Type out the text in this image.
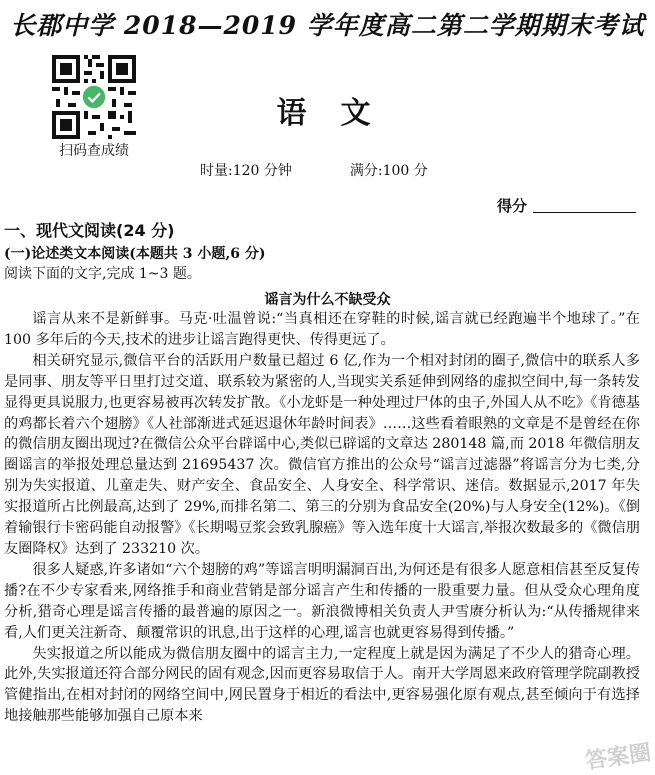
长郡中学 2018—2019 学年度高二第二学期期末考试
扫码查成绩
语文
时量:120 分钟	满分:100 分
得分
一、现代文阅读(24 分)
(一)论述类文本阅读(本题共 3 小题,6 分)
阅读下面的文字,完成 1~3 题。
谣言为什么不缺受众

谣言从来不是新鲜事。马克·吐温曾说:“当真相还在穿鞋的时候,谣言就已经跑遍半个地球了。”在 100 多年后的今天,技术的进步让谣言跑得更快、传得更远了。

相关研究显示,微信平台的活跃用户数量已超过 6 亿,作为一个相对封闭的圈子,微信中的联系人多是同事、朋友等平日里打过交道、联系较为紧密的人,当现实关系延伸到网络的虚拟空间中,每一条转发显得更具说服力,也更容易被再次转发扩散。《小龙虾是一种处理过尸体的虫子,外国人从不吃》《肯德基的鸡都长着六个翅膀》《人社部渐进式延迟退休年龄时间表》……这些看着眼熟的文章是不是曾经在你的微信朋友圈出现过?在微信公众平台辟谣中心,类似已辟谣的文章达 280148 篇,而 2018 年微信朋友圈谣言的举报处理总量达到 21695437 次。微信官方推出的公众号“谣言过滤器”将谣言分为七类,分别为失实报道、儿童走失、财产安全、食品安全、人身安全、科学常识、迷信。数据显示,2017 年失实报道所占比例最高,达到了 29%,而排名第二、第三的分别为食品安全(20%)与人身安全(12%)。《倒着输银行卡密码能自动报警》《长期喝豆浆会致乳腺癌》等入选年度十大谣言,举报次数最多的《微信朋友圈降权》达到了 233210 次。

很多人疑惑,许多诸如“六个翅膀的鸡”等谣言明明漏洞百出,为何还是有很多人愿意相信甚至反复传播?在不少专家看来,网络推手和商业营销是部分谣言产生和传播的一股重要力量。但从受众心理角度分析,猎奇心理是谣言传播的最普遍的原因之一。新浪微博相关负责人尹雪赓分析认为:“从传播规律来看,人们更关注新奇、颠覆常识的讯息,出于这样的心理,谣言也就更容易得到传播。”

失实报道之所以能成为微信朋友圈中的谣言主力,一定程度上就是因为满足了不少人的猎奇心理。此外,失实报道还符合部分网民的固有观念,因而更容易取信于人。南开大学周恩来政府管理学院副教授管健指出,在相对封闭的网络空间中,网民置身于相近的看法中,更容易强化原有观点,甚至倾向于有选择地接触那些能够加强自己原本来

答案圈
